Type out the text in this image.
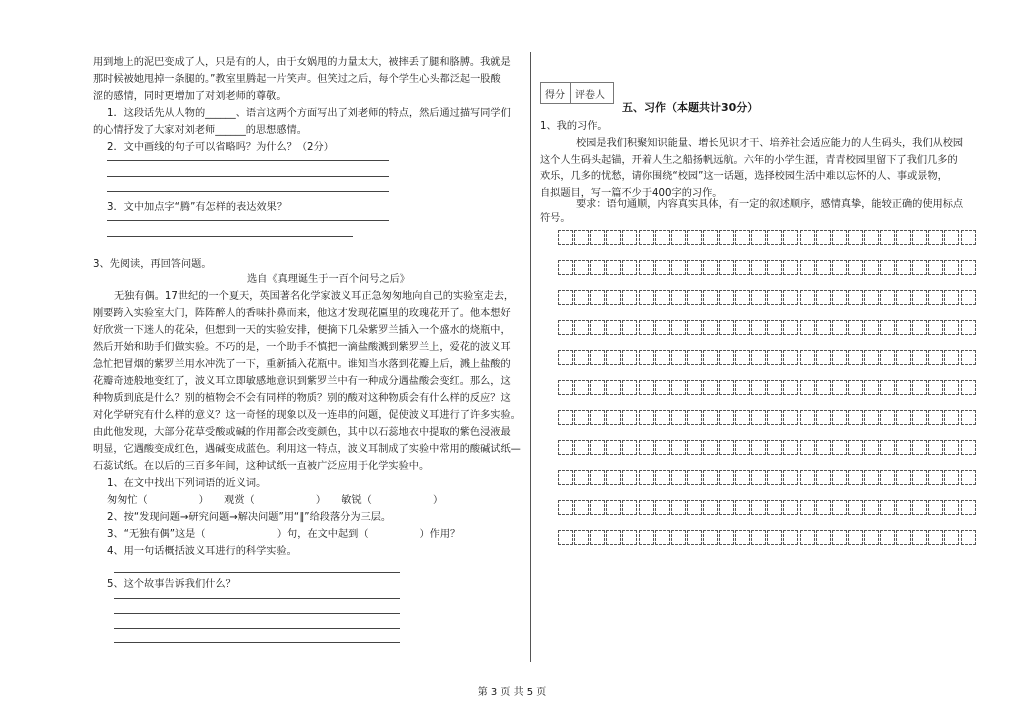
用到地上的泥巴变成了人，只是有的人，由于女娲甩的力量太大，被摔丢了腿和胳膊。我就是
那时候被她甩掉一条腿的。”教室里腾起一片笑声。但笑过之后，每个学生心头都泛起一股酸
涩的感情，同时更增加了对刘老师的尊敬。
1．这段话先从人物的______、语言这两个方面写出了刘老师的特点，然后通过描写同学们
的心情抒发了大家对刘老师______的思想感情。
2．文中画线的句子可以省略吗？为什么？（2分）
3．文中加点字“腾”有怎样的表达效果？
3、先阅读，再回答问题。
选自《真理诞生于一百个问号之后》
无独有偶。17世纪的一个夏天，英国著名化学家波义耳正急匆匆地向自己的实验室走去，
刚要跨入实验室大门，阵阵醉人的香味扑鼻而来，他这才发现花匾里的玫瑰花开了。他本想好
好欣赏一下迷人的花朵，但想到一天的实验安排，便摘下几朵紫罗兰插入一个盛水的烧瓶中，
然后开始和助手们做实验。不巧的是，一个助手不慎把一滴盐酸溅到紫罗兰上，爱花的波义耳
急忙把冒烟的紫罗兰用水冲洗了一下，重新插入花瓶中。谁知当水落到花瓣上后，溅上盐酸的
花瓣奇迹般地变红了，波义耳立即敏感地意识到紫罗兰中有一种成分遇盐酸会变红。那么，这
种物质到底是什么？别的植物会不会有同样的物质？别的酸对这种物质会有什么样的反应？这
对化学研究有什么样的意义？这一奇怪的现象以及一连串的问题，促使波义耳进行了许多实验。
由此他发现，大部分花草受酸或碱的作用都会改变颜色，其中以石蕊地衣中提取的紫色浸液最
明显，它遇酸变成红色，遇碱变成蓝色。利用这一特点，波义耳制成了实验中常用的酸碱试纸—
石蕊试纸。在以后的三百多年间，这种试纸一直被广泛应用于化学实验中。
1、在文中找出下列词语的近义词。
匆匆忙（　　　　　）　　观赏（　　　　　　）　　敏锐（　　　　　　）
2、按“发现问题→研究问题→解决问题”用“∥”给段落分为三层。
3、“无独有偶”这是（　　　　　　　）句，在文中起到（　　　　　）作用？
4、用一句话概括波义耳进行的科学实验。
5、这个故事告诉我们什么？
得分 评卷人
五、习作（本题共计30分）
1、我的习作。
校园是我们积聚知识能量、增长见识才干、培养社会适应能力的人生码头，我们从校园
这个人生码头起锚，开着人生之船扬帆远航。六年的小学生涯，青青校园里留下了我们几多的
欢乐，几多的忧愁，请你围绕“校园”这一话题，选择校园生活中难以忘怀的人、事或景物，
自拟题目，写一篇不少于400字的习作。
要求：语句通顺，内容真实具体，有一定的叙述顺序，感情真挚，能较正确的使用标点
符号。
第 3 页 共 5 页
